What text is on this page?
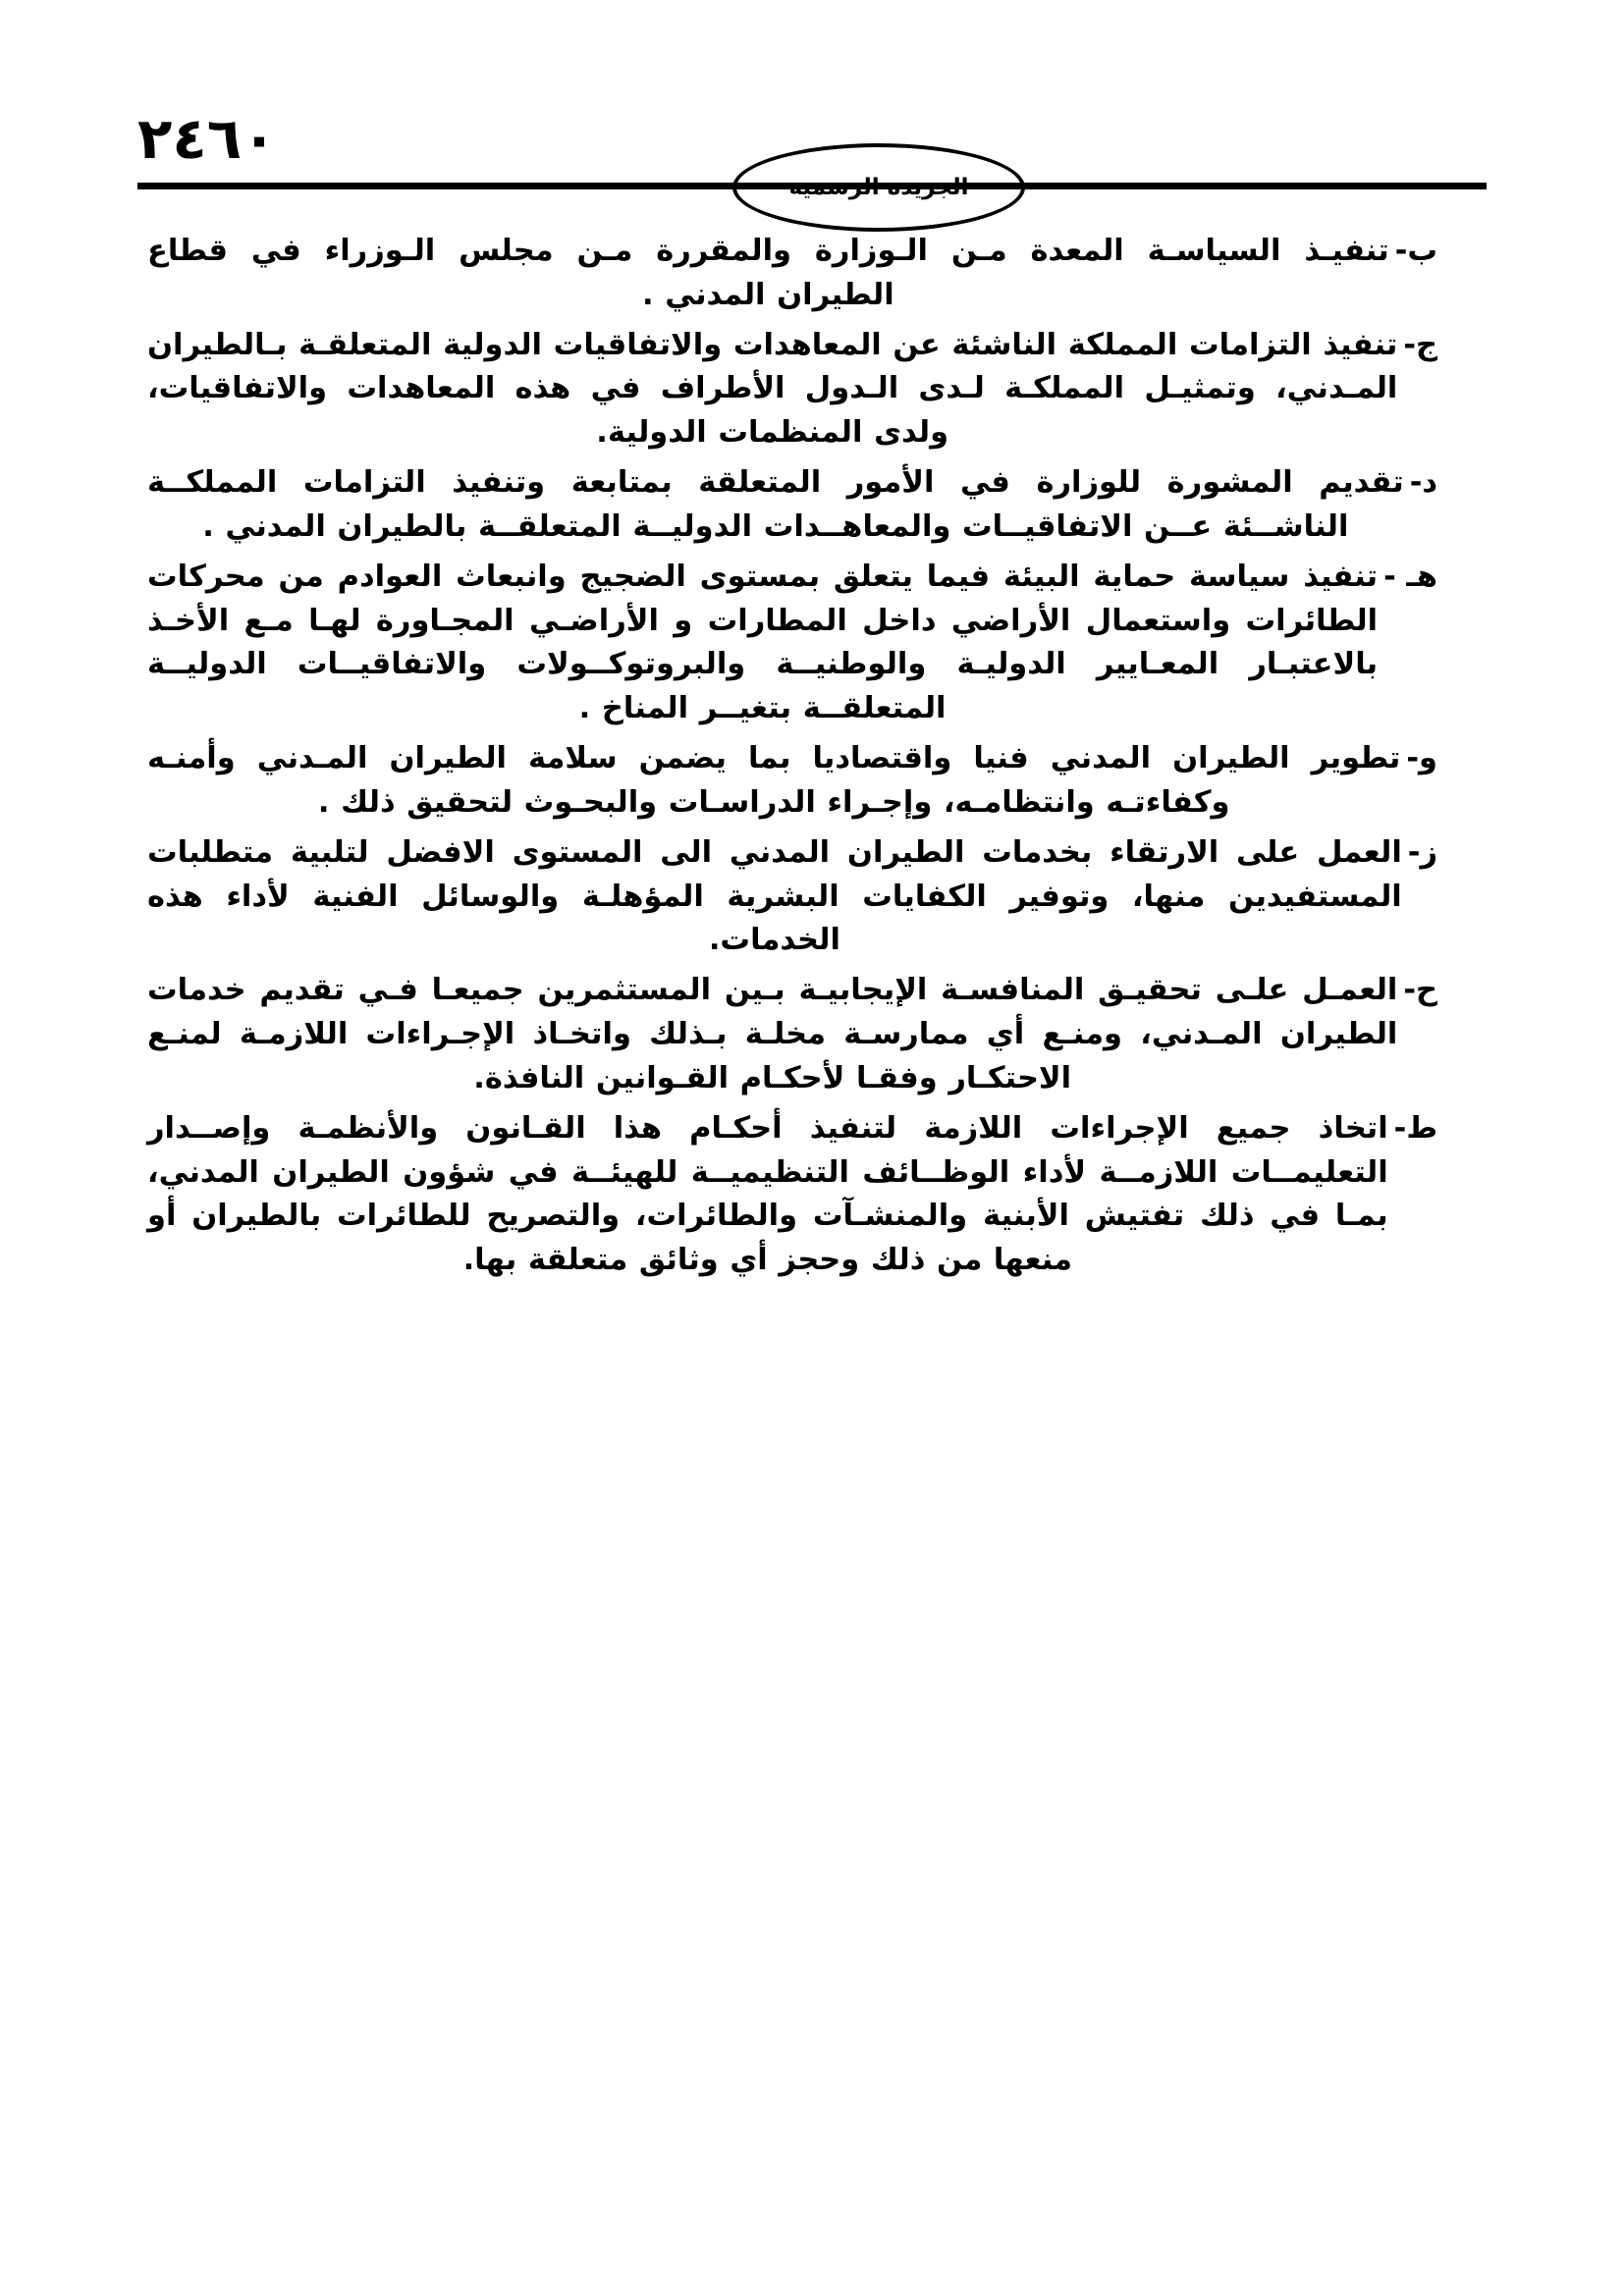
٢٤٦٠
ب-
تنفيـذ السياسـة المعدة مـن الـوزارة والمقررة مـن مجلس الـوزراء في قطاع الطيران المدني .
ج-
تنفيذ التزامات المملكة الناشئة عن المعاهدات والاتفاقيات الدولية المتعلقـة بـالطيران المـدني، وتمثيـل المملكـة لـدى الـدول الأطراف في هذه المعاهدات والاتفاقيات، ولدى المنظمات الدولية.
د-
تقديم المشورة للوزارة في الأمور المتعلقة بمتابعة وتنفيذ التزامات المملكــة الناشــئة عــن الاتفاقيــات والمعاهــدات الدوليــة المتعلقــة بالطيران المدني .
هـ -
تنفيذ سياسة حماية البيئة فيما يتعلق بمستوى الضجيج وانبعاث العوادم من محركات الطائرات واستعمال الأراضي داخل المطارات و الأراضـي المجـاورة لهـا مـع الأخـذ بالاعتبـار المعـايير الدوليـة والوطنيــة والبروتوكــولات والاتفاقيــات الدوليــة المتعلقــة بتغيــر المناخ .
و-
تطوير الطيران المدني فنيا واقتصاديا بما يضمن سلامة الطيران المـدني وأمنـه وكفاءتـه وانتظامـه، وإجـراء الدراسـات والبحـوث لتحقيق ذلك .
ز-
العمل على الارتقاء بخدمات الطيران المدني الى المستوى الافضل لتلبية متطلبات المستفيدين منها، وتوفير الكفايات البشرية المؤهلـة والوسائل الفنية لأداء هذه الخدمات.
ح-
العمـل علـى تحقيـق المنافسـة الإيجابيـة بـين المستثمرين جميعـا فـي تقديم خدمات الطيران المـدني، ومنـع أي ممارسـة مخلـة بـذلك واتخـاذ الإجـراءات اللازمـة لمنـع الاحتكـار وفقـا لأحكـام القـوانين النافذة.
ط-
اتخاذ جميع الإجراءات اللازمة لتنفيذ أحكـام هذا القـانون والأنظمـة وإصــدار التعليمــات اللازمــة لأداء الوظــائف التنظيميــة للهيئــة في شؤون الطيران المدني، بمـا في ذلك تفتيش الأبنية والمنشـآت والطائرات، والتصريح للطائرات بالطيران أو منعها من ذلك وحجز أي وثائق متعلقة بها.
